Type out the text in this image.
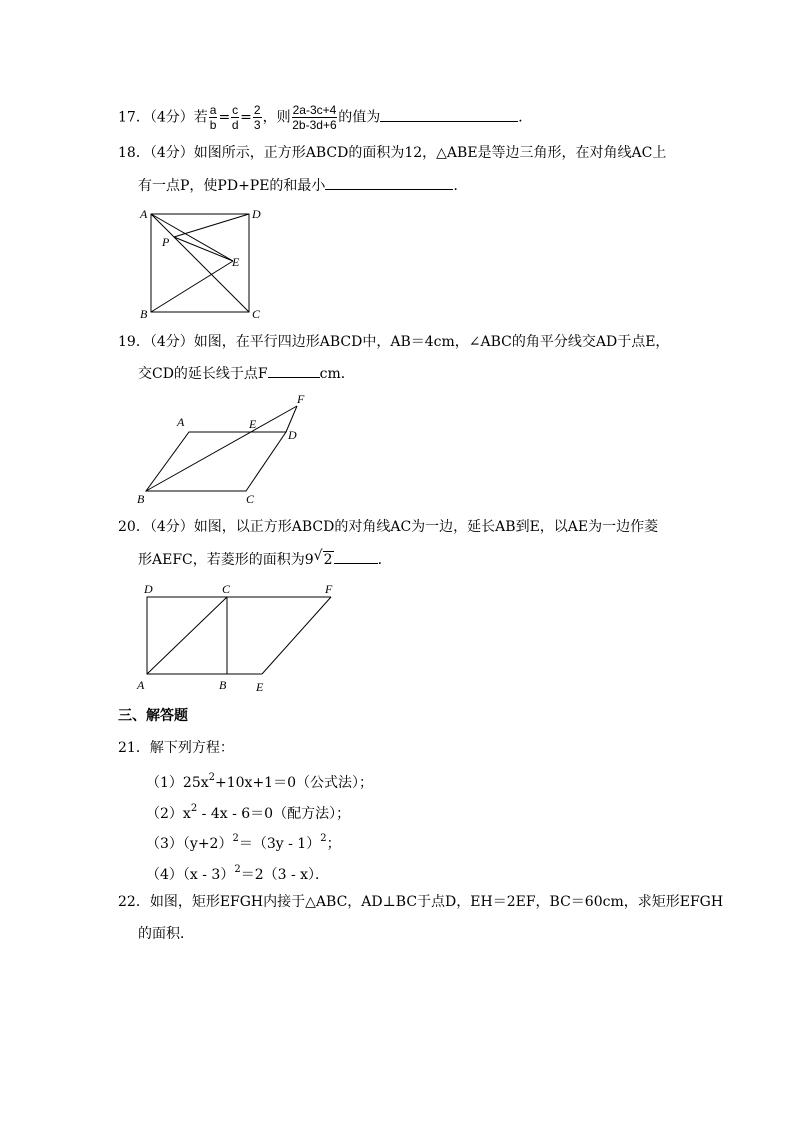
17．（4分）若 $\frac{a}{b} = \frac{c}{d} = \frac{2}{3}$ ，则 $\frac{2a-3c+4}{2b-3d+6}$ 的值为	．
18．（4分）如图所示，正方形ABCD的面积为12，△ABE是等边三角形，在对角线AC上
有一点P，使PD+PE的和最小	．
A	D
P
E
B	C
19．（4分）如图，在平行四边形ABCD中，AB＝4cm，∠ABC的角平分线交AD于点E，
交CD的延长线于点F	cm．
A	E
D
F
B	C
20．（4分）如图，以正方形ABCD的对角线AC为一边，延长AB到E，以AE为一边作菱
形AEFC，若菱形的面积为9 √ 2	．
D	C	F
A	B E
三、解答题
21．解下列方程：
$(1)25x^2+10x+1=0$（公式法）；
$(2)x^2 - 4x - 6=0$（配方法）；
$(3)(y+2)^2=(3y - 1)^2$；
（4）（x - 3）$^2$＝2（3 - x）．
22．如图，矩形EFGH内接于△ABC，AD⊥BC于点D，EH＝2EF，BC＝60cm，求矩形EFGH
的面积．
